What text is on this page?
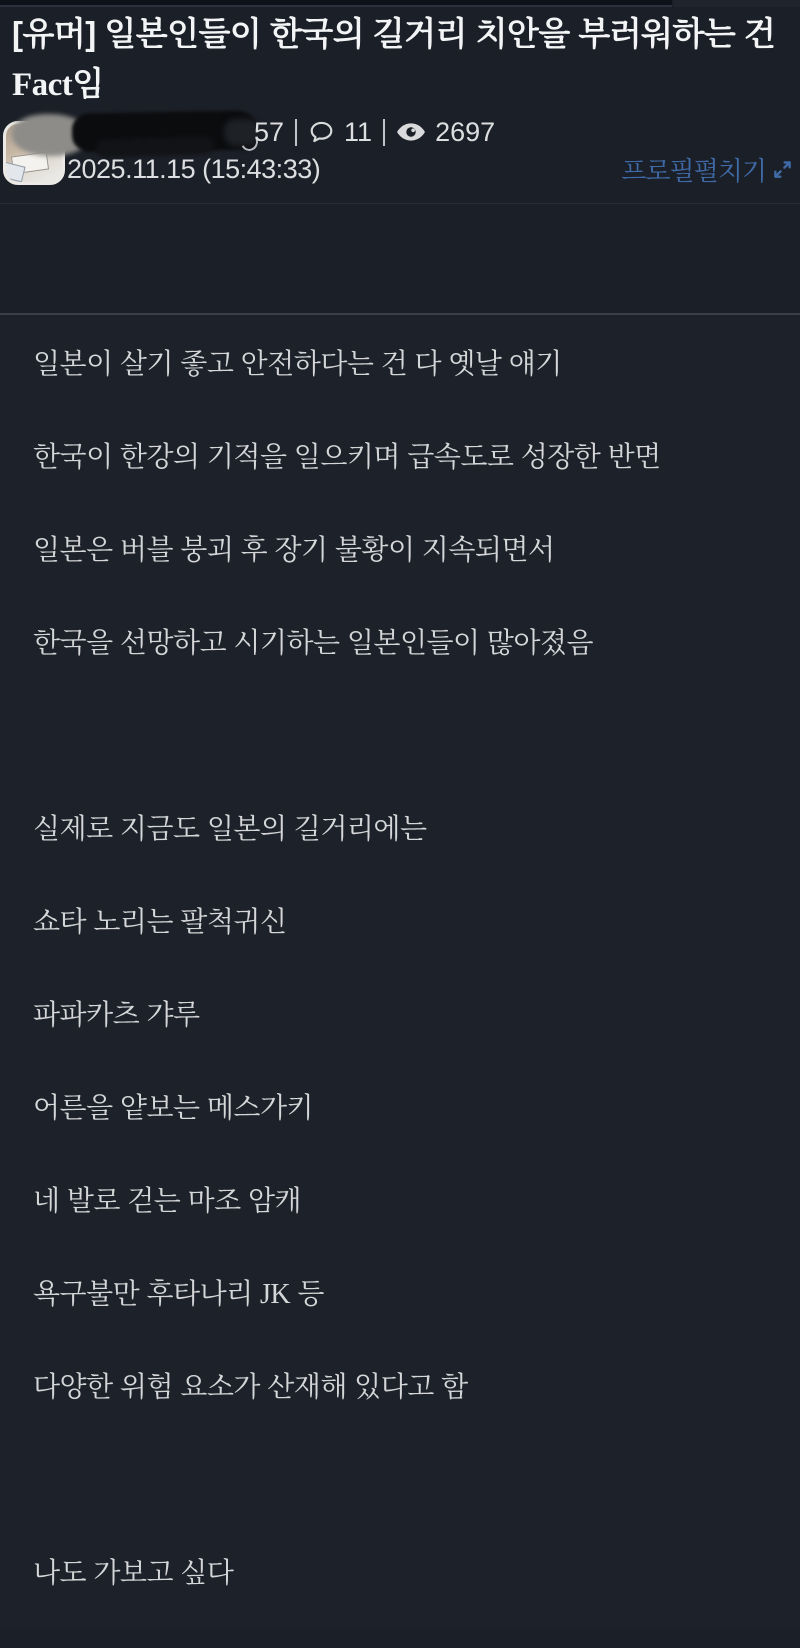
[유머] 일본인들이 한국의 길거리 치안을 부러워하는 건
Fact임
57 11 2697
2025.11.15 (15:43:33)	프로필펼치기

일본이 살기 좋고 안전하다는 건 다 옛날 얘기

한국이 한강의 기적을 일으키며 급속도로 성장한 반면

일본은 버블 붕괴 후 장기 불황이 지속되면서

한국을 선망하고 시기하는 일본인들이 많아졌음

실제로 지금도 일본의 길거리에는

쇼타 노리는 팔척귀신

파파카츠 갸루

어른을 얕보는 메스가키

네 발로 걷는 마조 암캐

욕구불만 후타나리 JK 등

다양한 위험 요소가 산재해 있다고 함

나도 가보고 싶다
